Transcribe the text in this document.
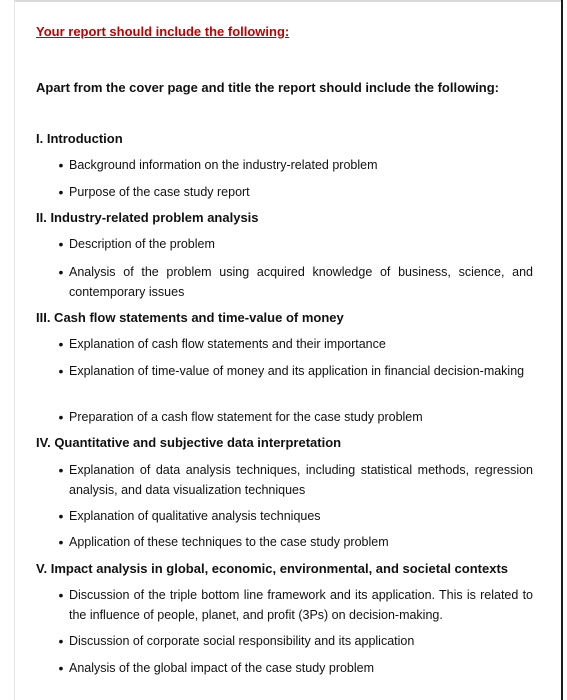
Your report should include the following:
Apart from the cover page and title the report should include the following:
I. Introduction
• Background information on the industry-related problem
• Purpose of the case study report
II. Industry-related problem analysis
• Description of the problem
• Analysis of the problem using acquired knowledge of business, science, and contemporary issues
III. Cash flow statements and time-value of money
• Explanation of cash flow statements and their importance
• Explanation of time-value of money and its application in financial decision-making
• Preparation of a cash flow statement for the case study problem
IV. Quantitative and subjective data interpretation
• Explanation of data analysis techniques, including statistical methods, regression analysis, and data visualization techniques
• Explanation of qualitative analysis techniques
• Application of these techniques to the case study problem
V. Impact analysis in global, economic, environmental, and societal contexts
• Discussion of the triple bottom line framework and its application. This is related to the influence of people, planet, and profit (3Ps) on decision-making.
• Discussion of corporate social responsibility and its application
• Analysis of the global impact of the case study problem
